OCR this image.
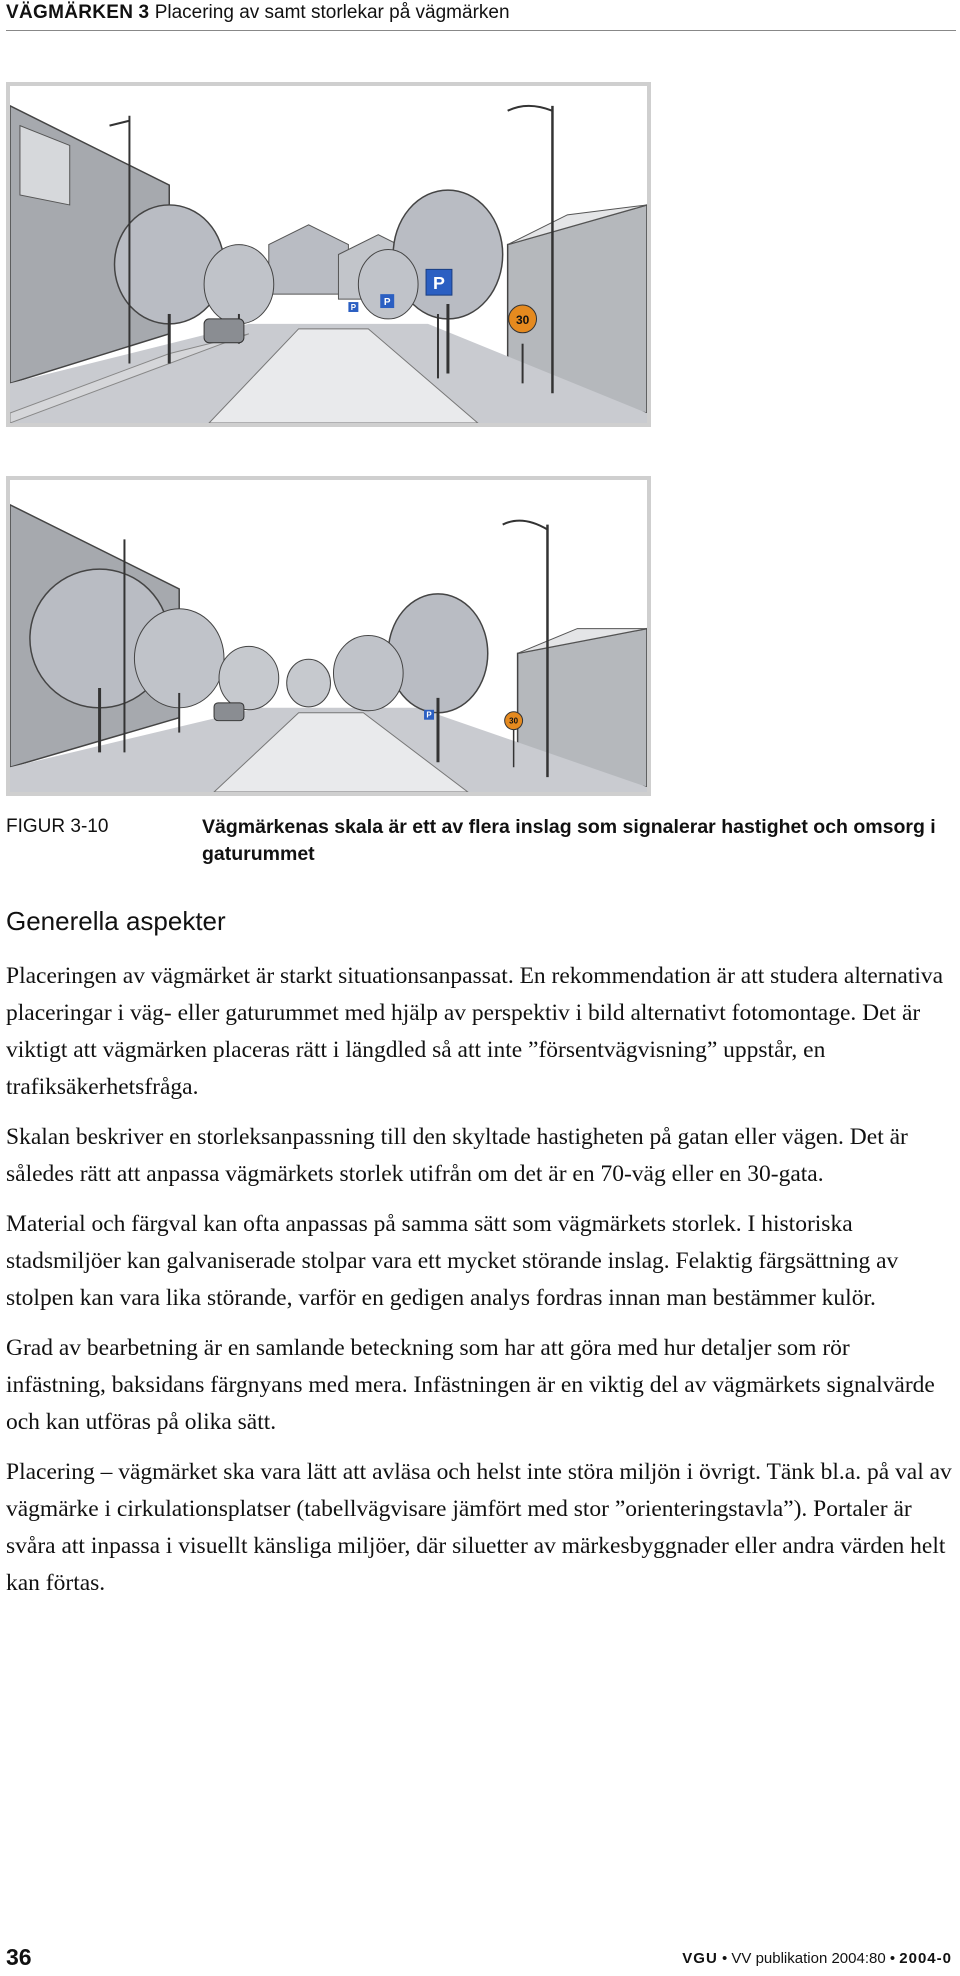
VÄGMÄRKEN 3 Placering av samt storlekar på vägmärken
P
30
P
P
P
30
FIGUR 3-10	Vägmärkenas skala är ett av flera inslag som signalerar hastighet och omsorg i gaturummet
Generella aspekter

Placeringen av vägmärket är starkt situationsanpassat. En rekommendation är att studera alternativa placeringar i väg- eller gaturummet med hjälp av perspektiv i bild alternativt fotomontage. Det är viktigt att vägmärken placeras rätt i längdled så att inte ”försentvägvisning” uppstår, en trafiksäkerhetsfråga.

Skalan beskriver en storleksanpassning till den skyltade hastigheten på gatan eller vägen. Det är således rätt att anpassa vägmärkets storlek utifrån om det är en 70-väg eller en 30-gata.

Material och färgval kan ofta anpassas på samma sätt som vägmärkets storlek. I historiska stadsmiljöer kan galvaniserade stolpar vara ett mycket störande inslag. Felaktig färgsättning av stolpen kan vara lika störande, varför en gedigen analys fordras innan man bestämmer kulör.

Grad av bearbetning är en samlande beteckning som har att göra med hur detaljer som rör infästning, baksidans färgnyans med mera. Infästningen är en viktig del av vägmärkets signalvärde och kan utföras på olika sätt.

Placering – vägmärket ska vara lätt att avläsa och helst inte störa miljön i övrigt. Tänk bl.a. på val av vägmärke i cirkulationsplatser (tabellvägvisare jämfört med stor ”orienteringstavla”). Portaler är svåra att inpassa i visuellt känsliga miljöer, där siluetter av märkesbyggnader eller andra värden helt kan förtas.

36	VGU • VV publikation 2004:80 • 2004-0
